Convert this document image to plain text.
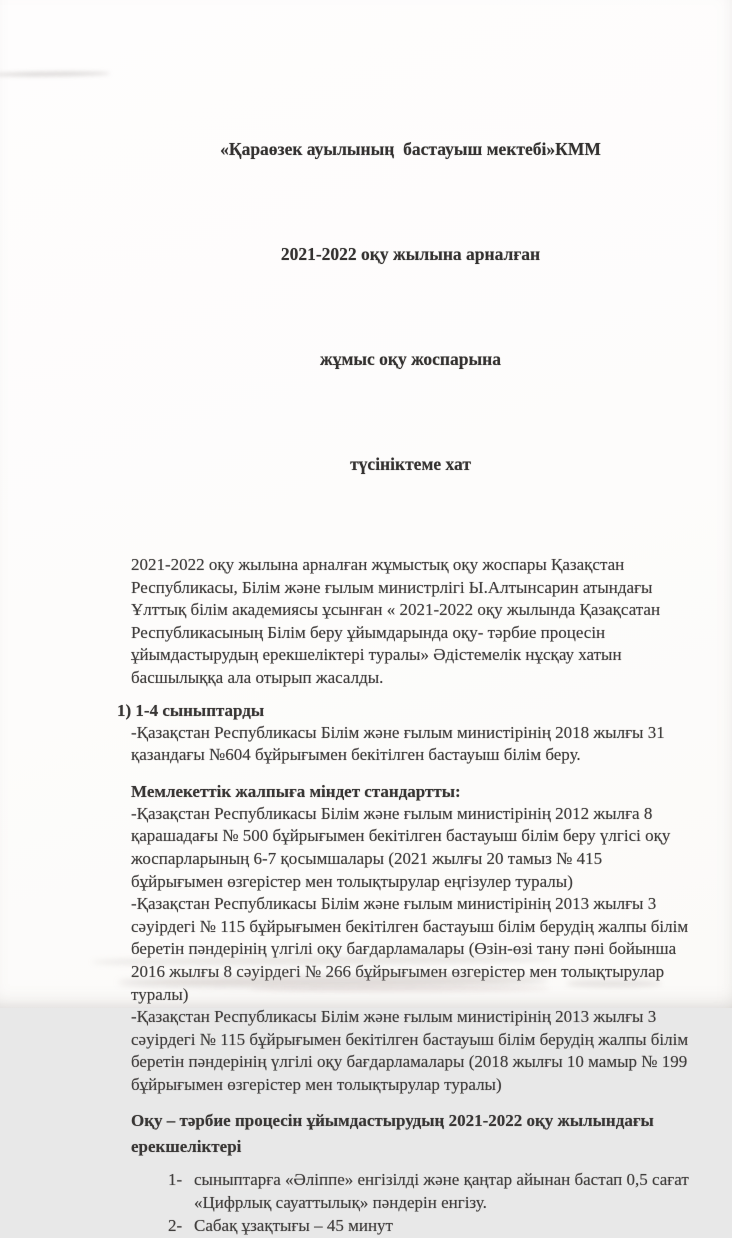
«Қараөзек ауылының  бастауыш мектебі»КММ

2021-2022 оқу жылына арналған

жұмыс оқу жоспарына

түсініктеме хат

2021-2022 оқу жылына арналған жұмыстық оқу жоспары Қазақстан Республикасы, Білім және ғылым министрлігі Ы.Алтынсарин атындағы Ұлттық білім академиясы ұсынған « 2021-2022 оқу жылында Қазақсатан Республикасының Білім беру ұйымдарында оқу- тәрбие процесін ұйымдастырудың ерекшеліктері туралы» Әдістемелік нұсқау хатын басшылыққа ала отырып жасалды.

1) 1-4 сыныптарды

-Қазақстан Республикасы Білім және ғылым министірінің 2018 жылғы 31 қазандағы №604 бұйрығымен бекітілген бастауыш білім беру.

Мемлекеттік жалпыға міндет стандартты:

-Қазақстан Республикасы Білім және ғылым министірінің 2012 жылға 8 қарашадағы № 500 бұйрығымен бекітілген бастауыш білім беру үлгісі оқу жоспарларының 6-7 қосымшалары (2021 жылғы 20 тамыз № 415 бұйрығымен өзгерістер мен толықтырулар еңгізулер туралы)

-Қазақстан Республикасы Білім және ғылым министірінің 2013 жылғы 3 сәуірдегі № 115 бұйрығымен бекітілген бастауыш білім берудің жалпы білім беретін пәндерінің үлгілі оқу бағдарламалары (Өзін-өзі тану пәні бойынша 2016 жылғы 8 сәуірдегі № 266 бұйрығымен өзгерістер мен толықтырулар туралы)

-Қазақстан Республикасы Білім және ғылым министірінің 2013 жылғы 3 сәуірдегі № 115 бұйрығымен бекітілген бастауыш білім берудің жалпы білім беретін пәндерінің үлгілі оқу бағдарламалары (2018 жылғы 10 мамыр № 199 бұйрығымен өзгерістер мен толықтырулар туралы)

Оқу – тәрбие процесін ұйымдастырудың 2021-2022 оқу жылындағы ерекшеліктері

1- сыныптарға «Әліппе» енгізілді және қаңтар айынан бастап 0,5 сағат «Цифрлық сауаттылық» пәндерін енгізу.
2- Сабақ ұзақтығы – 45 минут
